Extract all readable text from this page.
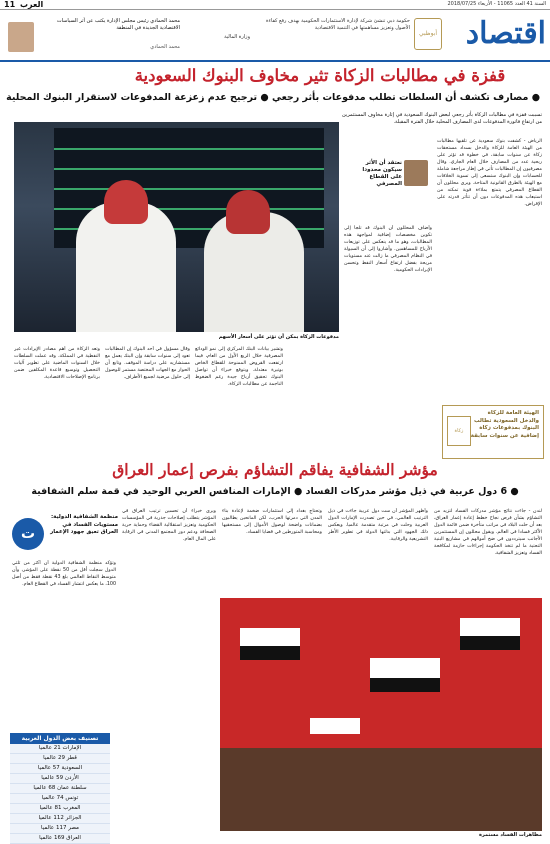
11 العرب	السنة 41 العدد 11065 - الأربعاء 2018/07/25
اقتصاد
أبوظبي
حكومة دبي تنشئ شركة لإدارة الاستثمارات الحكومية بهدف رفع كفاءة الأصول وتعزيز مساهمتها في التنمية الاقتصادية
وزارة المالية
محمد الحمادي رئيس مجلس الإدارة يكتب عن أثر السياسات الاقتصادية الجديدة في المنطقة
محمد الحمادي
قفزة في مطالبات الزكاة تثير مخاوف البنوك السعودية
● مصارف تكشف أن السلطات تطلب مدفوعات بأثر رجعي ● ترجيح عدم زعزعة المدفوعات لاستقرار البنوك المحلية
تسببت قفزة في مطالبات الزكاة بأثر رجعي لبعض البنوك السعودية في إثارة مخاوف المستثمرين من ارتفاع فاتورة المدفوعات لدى المصارف المحلية خلال الفترة المقبلة.
مدفوعات الزكاة يمكن أن تؤثر على أسعار الأسهم
الرياض - كشفت بنوك سعودية عن تلقيها مطالبات من الهيئة العامة للزكاة والدخل بسداد مستحقات زكاة عن سنوات سابقة، في خطوة قد تؤثر على ربحية عدد من المصارف خلال العام الجاري. وقال مصرفيون إن المطالبات تأتي في إطار مراجعة شاملة للحسابات وإن البنوك ستسعى إلى تسوية الخلافات مع الهيئة بالطرق القانونية المتاحة. ويرى محللون أن القطاع المصرفي يتمتع بملاءة قوية تمكنه من استيعاب هذه المدفوعات دون أن تتأثر قدرته على الإقراض.
نعتقد أن الأثر سيكون محدودا على القطاع المصرفي
وأضاف المحللون أن البنوك قد تلجأ إلى تكوين مخصصات إضافية لمواجهة هذه المطالبات، وهو ما قد ينعكس على توزيعات الأرباح للمساهمين. وأشاروا إلى أن السيولة في النظام المصرفي ما زالت عند مستويات مريحة بفضل ارتفاع أسعار النفط وتحسن الإيرادات الحكومية.
وتشير بيانات البنك المركزي إلى نمو الودائع المصرفية خلال الربع الأول من العام، فيما ارتفعت القروض الممنوحة للقطاع الخاص بوتيرة معتدلة. ويتوقع خبراء أن تواصل البنوك تحقيق أرباح جيدة رغم الضغوط الناجمة عن مطالبات الزكاة.
وقال مسؤول في أحد البنوك إن المطالبات تعود إلى سنوات سابقة وإن البنك يعمل مع مستشاريه على دراسة الموقف. وتابع أن الحوار مع الجهات المختصة مستمر للوصول إلى حلول مرضية لجميع الأطراف.
وتعد الزكاة من أهم مصادر الإيرادات غير النفطية في المملكة، وقد عملت السلطات خلال السنوات الماضية على تطوير آليات التحصيل وتوسيع قاعدة المكلفين ضمن برنامج الإصلاحات الاقتصادية.
زكاة
الهيئة العامة للزكاة والدخل السعودية تطالب البنوك بمدفوعات زكاة إضافية عن سنوات سابقة
مؤشر الشفافية يفاقم التشاؤم بفرص إعمار العراق
● 6 دول عربية في ذيل مؤشر مدركات الفساد ● الإمارات المنافس العربي الوحيد في قمة سلم الشفافية
لندن - جاءت نتائج مؤشر مدركات الفساد لتزيد من التشاؤم بشأن فرص نجاح خطط إعادة إعمار العراق، بعد أن حلت البلاد في مراتب متأخرة ضمن قائمة الدول الأكثر فسادا في العالم. ويقول محللون إن المستثمرين الأجانب سيترددون في ضخ أموالهم في مشاريع البنية التحتية ما لم تتخذ الحكومة إجراءات حازمة لمكافحة الفساد وتعزيز الشفافية.
وأظهر المؤشر أن ست دول عربية جاءت في ذيل الترتيب العالمي، في حين تصدرت الإمارات الدول العربية وحلت في مرتبة متقدمة عالميا. ويعكس ذلك الجهود التي بذلتها الدولة في تطوير الأطر التشريعية والرقابية.
وتحتاج بغداد إلى استثمارات ضخمة لإعادة بناء المدن التي دمرتها الحرب، لكن المانحين يطالبون بضمانات واضحة لوصول الأموال إلى مستحقيها ومحاسبة المتورطين في قضايا الفساد.
ويرى خبراء أن تحسين ترتيب العراق في المؤشر يتطلب إصلاحات جذرية في المؤسسات الحكومية وتعزيز استقلالية القضاء وحماية حرية الصحافة ودعم دور المجتمع المدني في الرقابة على المال العام.
وتؤكد منظمة الشفافية الدولية أن أكثر من ثلثي الدول سجلت أقل من 50 نقطة على المؤشر، وأن متوسط النقاط العالمي بلغ 43 نقطة فقط من أصل 100، ما يعكس انتشار الفساد في القطاع العام.
ت
منظمة الشفافية الدولية: مستويات الفساد في العراق تعيق جهود الإعمار
مظاهرات الفساد مستمرة
تصنيف بعض الدول العربية
الإمارات 21 عالميا
قطر 29 عالميا
السعودية 57 عالميا
الأردن 59 عالميا
سلطنة عمان 68 عالميا
تونس 74 عالميا
المغرب 81 عالميا
الجزائر 112 عالميا
مصر 117 عالميا
العراق 169 عالميا
